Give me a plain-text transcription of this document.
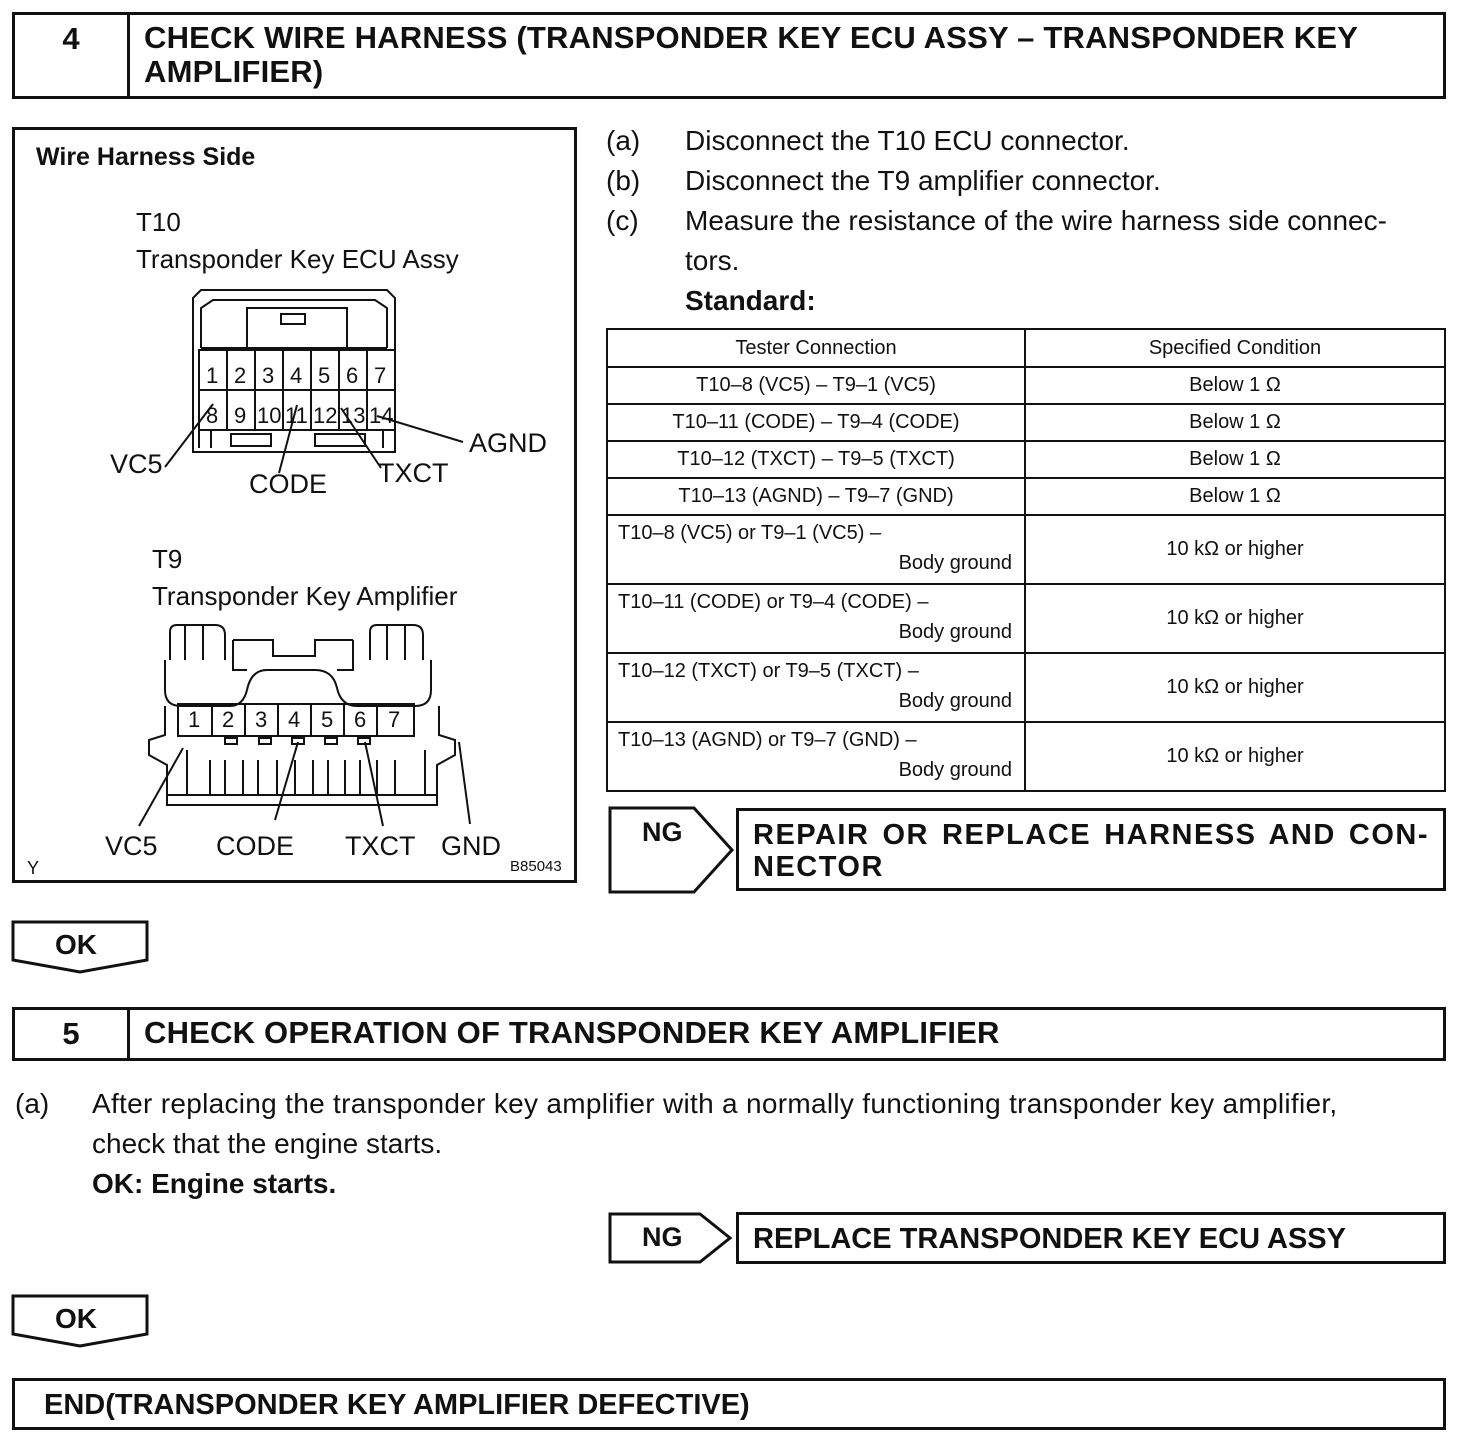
4	CHECK WIRE HARNESS (TRANSPONDER KEY ECU ASSY – TRANSPONDER KEY AMPLIFIER)
Wire Harness Side
T10
Transponder Key ECU Assy
T9
Transponder Key Amplifier
1 2 3 4 5 6 7
8 9 10 11 12 13 14
VC5
CODE TXCT
AGND
1 2 3 4 5 6 7
VC5 CODE TXCT GND
Y	B85043
(a) Disconnect the T10 ECU connector.
(b) Disconnect the T9 amplifier connector.
(c) Measure the resistance of the wire harness side connec-
tors.
Standard:
Tester Connection	Specified Condition
T10–8 (VC5) – T9–1 (VC5)	Below 1 Ω
T10–11 (CODE) – T9–4 (CODE)	Below 1 Ω
T10–12 (TXCT) – T9–5 (TXCT)	Below 1 Ω
T10–13 (AGND) – T9–7 (GND)	Below 1 Ω

T10–8 (VC5) or T9–1 (VC5) –
Body ground	10 kΩ or higher

T10–11 (CODE) or T9–4 (CODE) –
Body ground	10 kΩ or higher

T10–12 (TXCT) or T9–5 (TXCT) –
Body ground	10 kΩ or higher

T10–13 (AGND) or T9–7 (GND) –
Body ground	10 kΩ or higher
NG REPAIR OR REPLACE HARNESS AND CON-
NECTOR
OK
5	CHECK OPERATION OF TRANSPONDER KEY AMPLIFIER
(a) After replacing the transponder key amplifier with a normally functioning transponder key amplifier,
check that the engine starts.
OK: Engine starts.
NG REPLACE TRANSPONDER KEY ECU ASSY
OK
END(TRANSPONDER KEY AMPLIFIER DEFECTIVE)
